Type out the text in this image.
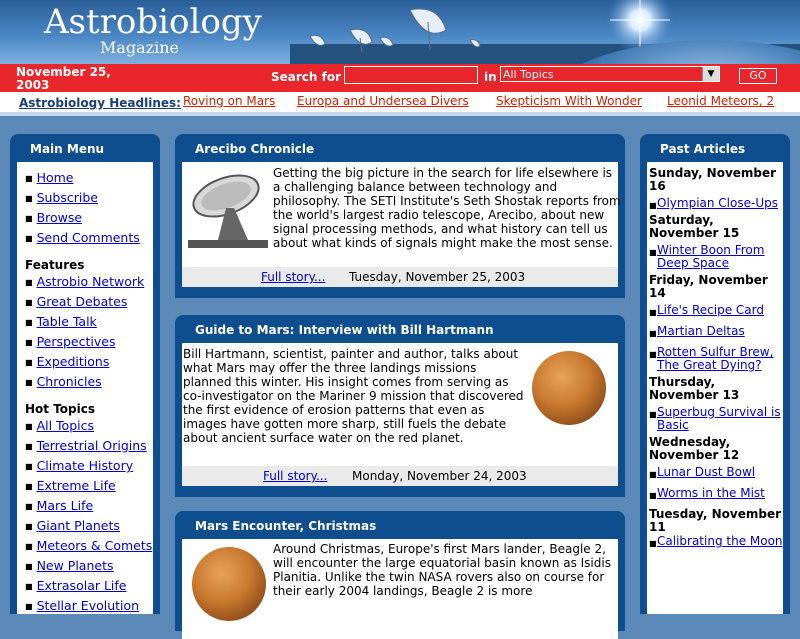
Astrobiology
Magazine
November 25, 2003
Search for	in All Topics	▼	GO
Astrobiology Headlines: Roving on Mars Europa and Undersea Divers Skepticism With Wonder Leonid Meteors, 2
Main Menu
■ Home
■ Subscribe
■ Browse
■ Send Comments
Features
■ Astrobio Network
■ Great Debates
■ Table Talk
■ Perspectives
■ Expeditions
■ Chronicles
Hot Topics
■ All Topics
■ Terrestrial Origins
■ Climate History
■ Extreme Life
■ Mars Life
■ Giant Planets
■ Meteors & Comets
■ New Planets
■ Extrasolar Life
■ Stellar Evolution
Arecibo Chronicle
Getting the big picture in the search for life elsewhere is a challenging balance between technology and philosophy. The SETI Institute's Seth Shostak reports from the world's largest radio telescope, Arecibo, about new signal processing methods, and what history can tell us about what kinds of signals might make the most sense.
Full story... Tuesday, November 25, 2003
Guide to Mars: Interview with Bill Hartmann
Bill Hartmann, scientist, painter and author, talks about what Mars may offer the three landings missions planned this winter. His insight comes from serving as co-investigator on the Mariner 9 mission that discovered the first evidence of erosion patterns that even as images have gotten more sharp, still fuels the debate about ancient surface water on the red planet.
Full story... Monday, November 24, 2003
Mars Encounter, Christmas
Around Christmas, Europe's first Mars lander, Beagle 2, will encounter the large equatorial basin known as Isidis Planitia. Unlike the twin NASA rovers also on course for their early 2004 landings, Beagle 2 is more
Past Articles
Sunday, November 16
■ Olympian Close-Ups
Saturday, November 15
■ Winter Boon From Deep Space
Friday, November 14
■ Life's Recipe Card
■ Martian Deltas
■ Rotten Sulfur Brew, The Great Dying?
Thursday, November 13
■ Superbug Survival is Basic
Wednesday, November 12
■ Lunar Dust Bowl
■ Worms in the Mist
Tuesday, November 11
■ Calibrating the Moon
